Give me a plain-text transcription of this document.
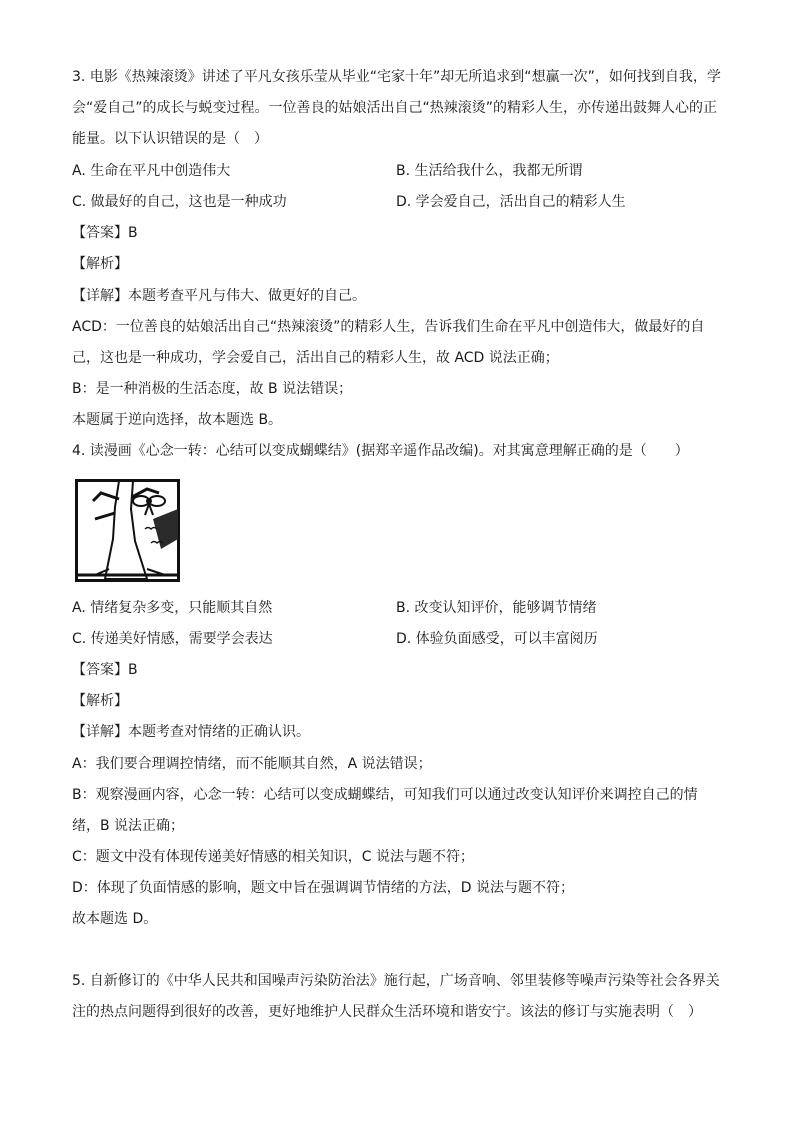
3. 电影《热辣滚烫》讲述了平凡女孩乐莹从毕业“宅家十年”却无所追求到“想赢一次”，如何找到自我，学
会“爱自己”的成长与蜕变过程。一位善良的姑娘活出自己“热辣滚烫”的精彩人生，亦传递出鼓舞人心的正
能量。以下认识错误的是（　）
A. 生命在平凡中创造伟大	B. 生活给我什么，我都无所谓
C. 做最好的自己，这也是一种成功	D. 学会爱自己，活出自己的精彩人生
【答案】B
【解析】
【详解】本题考查平凡与伟大、做更好的自己。
ACD：一位善良的姑娘活出自己“热辣滚烫”的精彩人生，告诉我们生命在平凡中创造伟大，做最好的自
己，这也是一种成功，学会爱自己，活出自己的精彩人生，故 ACD 说法正确；
B：是一种消极的生活态度，故 B 说法错误；
本题属于逆向选择，故本题选 B。
4. 读漫画《心念一转：心结可以变成蝴蝶结》(据郑辛遥作品改编)。对其寓意理解正确的是（　　）
A. 情绪复杂多变，只能顺其自然	B. 改变认知评价，能够调节情绪
C. 传递美好情感，需要学会表达	D. 体验负面感受，可以丰富阅历
【答案】B
【解析】
【详解】本题考查对情绪的正确认识。
A：我们要合理调控情绪，而不能顺其自然，A 说法错误；
B：观察漫画内容，心念一转：心结可以变成蝴蝶结，可知我们可以通过改变认知评价来调控自己的情
绪，B 说法正确；
C：题文中没有体现传递美好情感的相关知识，C 说法与题不符；
D：体现了负面情感的影响，题文中旨在强调调节情绪的方法，D 说法与题不符；
故本题选 D。
5. 自新修订的《中华人民共和国噪声污染防治法》施行起，广场音响、邻里装修等噪声污染等社会各界关
注的热点问题得到很好的改善，更好地维护人民群众生活环境和谐安宁。该法的修订与实施表明（　）
